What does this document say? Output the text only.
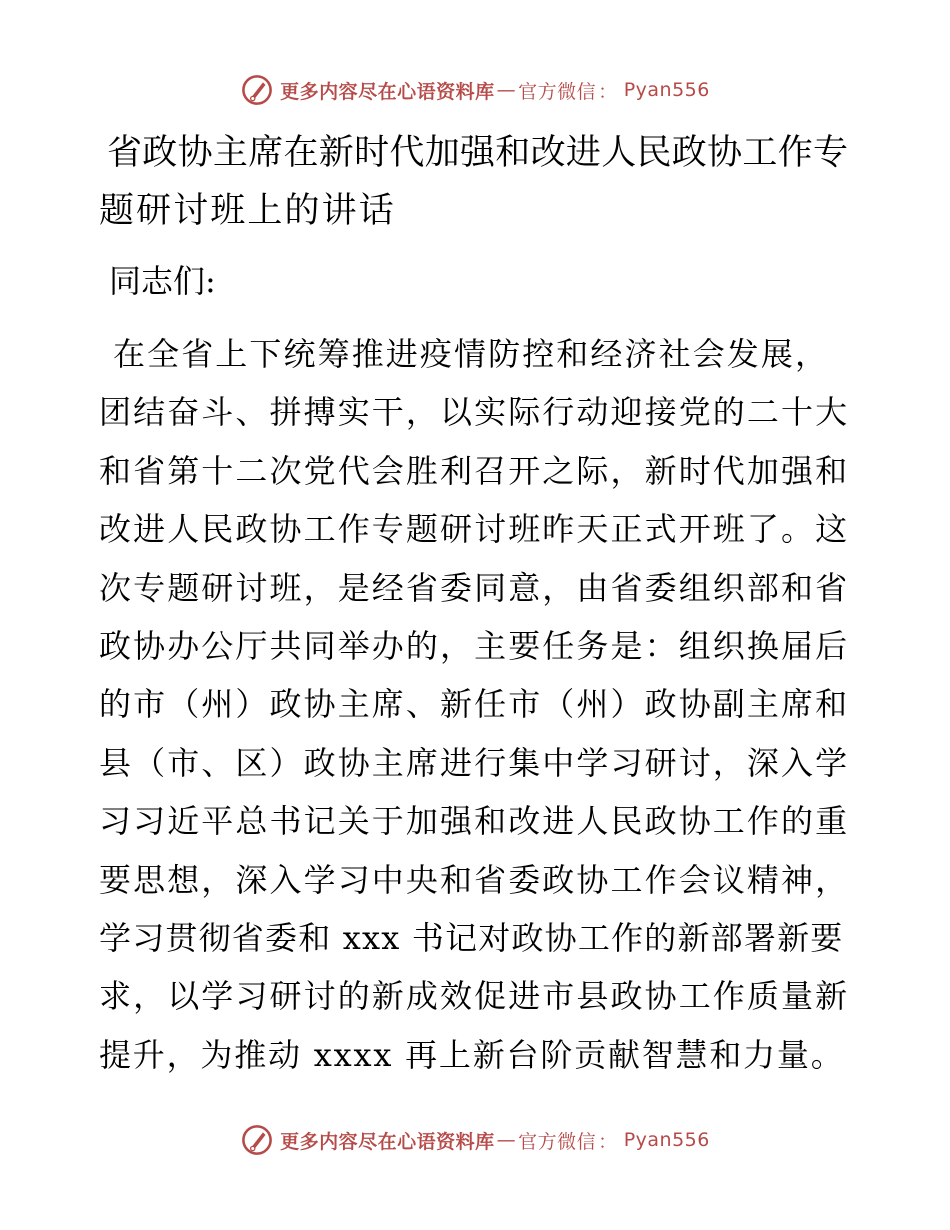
更多内容尽在心语资料库 — 官方微信 ： Pyan556
省政协主席在新时代加强和改进人民政协工作专
题研讨班上的讲话
同志们:
在全省上下统筹推进疫情防控和经济社会发展，
团结奋斗、拼搏实干，以实际行动迎接党的二十大
和省第十二次党代会胜利召开之际，新时代加强和
改进人民政协工作专题研讨班昨天正式开班了。这
次专题研讨班，是经省委同意，由省委组织部和省
政协办公厅共同举办的，主要任务是：组织换届后
的市（州）政协主席、新任市（州）政协副主席和
县（市、区）政协主席进行集中学习研讨，深入学
习习近平总书记关于加强和改进人民政协工作的重
要思想，深入学习中央和省委政协工作会议精神，
学习贯彻省委和 xxx 书记对政协工作的新部署新要
求，以学习研讨的新成效促进市县政协工作质量新
提升，为推动 xxxx 再上新台阶贡献智慧和力量。
更多内容尽在心语资料库 — 官方微信 ： Pyan556
